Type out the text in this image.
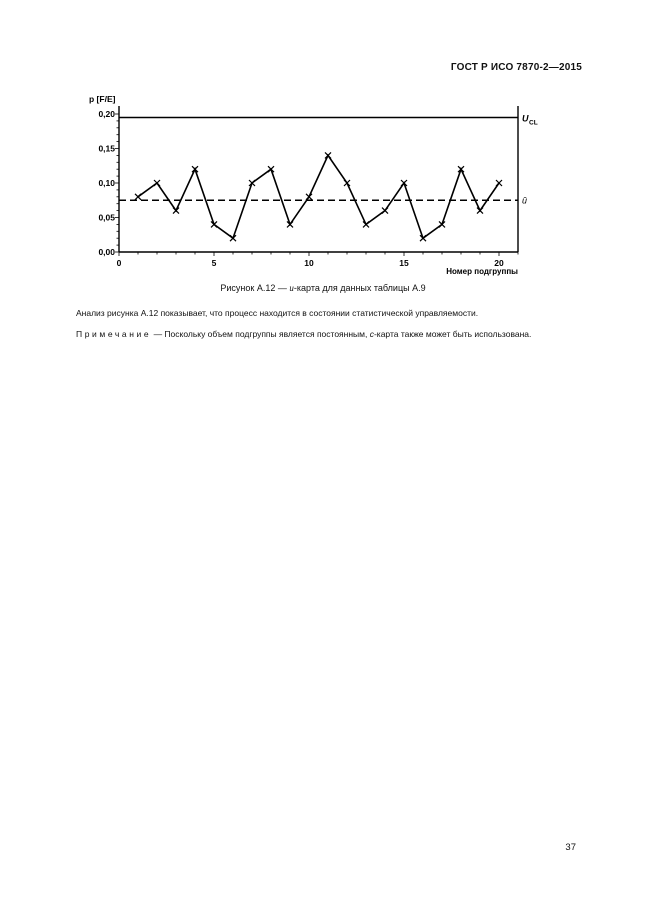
ГОСТ Р ИСО 7870-2—2015
0,00
0,05
0,10
0,15
0,20
0	5	10	15	20
p [F/E]
Номер подгруппы
U CL
ū
Рисунок А.12 — u-карта для данных таблицы А.9
Анализ рисунка А.12 показывает, что процесс находится в состоянии статистической управляемости.
Примечание — Поскольку объем подгруппы является постоянным, c-карта также может быть использована.
37
